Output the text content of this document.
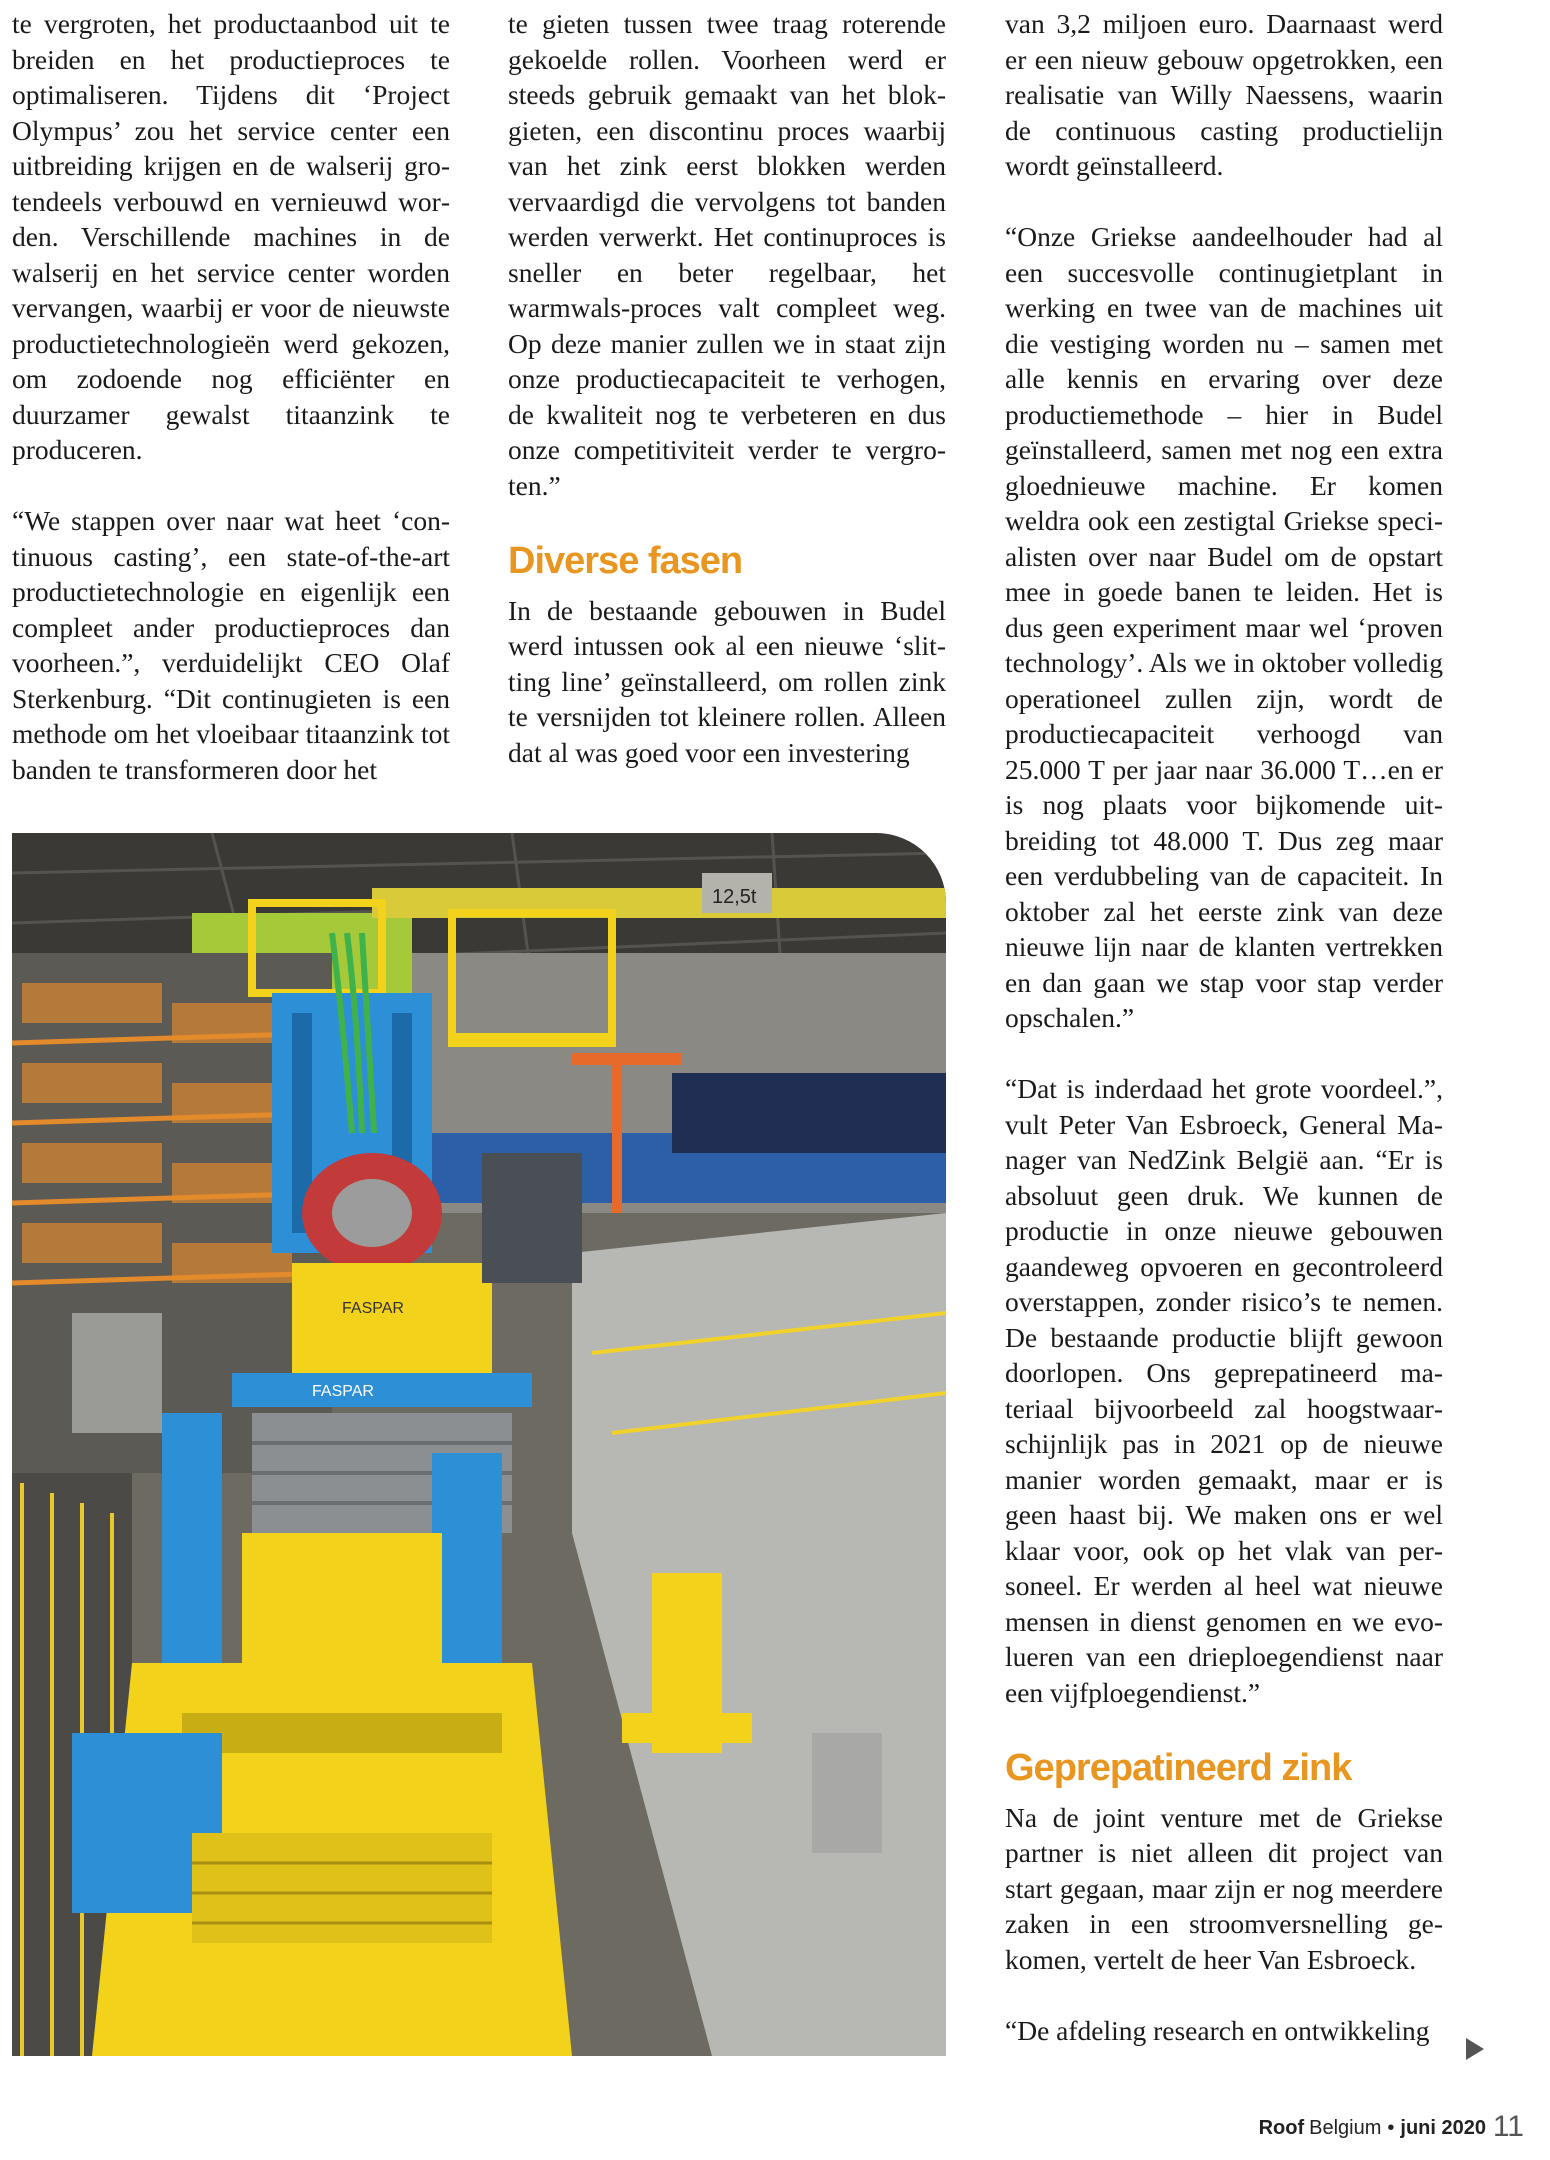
te vergroten, het productaanbod uit te breiden en het productieproces te optimaliseren. Tijdens dit ‘Project Olympus’ zou het service center een uitbreiding krijgen en de walserij grotendeels verbouwd en vernieuwd worden. Verschillende machines in de walserij en het service center worden vervangen, waarbij er voor de nieuwste productietechnologieën werd gekozen, om zodoende nog efficiënter en duurzamer gewalst titaanzink te produceren.

“We stappen over naar wat heet ‘continuous casting’, een state-of-the-art productietechnologie en eigenlijk een compleet ander productieproces dan voorheen.”, verduidelijkt CEO Olaf Sterkenburg. “Dit continugieten is een methode om het vloeibaar titaanzink tot banden te transformeren door het

te gieten tussen twee traag roterende gekoelde rollen. Voorheen werd er steeds gebruik gemaakt van het blokgieten, een discontinu proces waarbij van het zink eerst blokken werden vervaardigd die vervolgens tot banden werden verwerkt. Het continuproces is sneller en beter regelbaar, het warmwals-proces valt compleet weg. Op deze manier zullen we in staat zijn onze productiecapaciteit te verhogen, de kwaliteit nog te verbeteren en dus onze competitiviteit verder te vergroten.”

Diverse fasen

In de bestaande gebouwen in Budel werd intussen ook al een nieuwe ‘slitting line’ geïnstalleerd, om rollen zink te versnijden tot kleinere rollen. Alleen dat al was goed voor een investering

van 3,2 miljoen euro. Daarnaast werd er een nieuw gebouw opgetrokken, een realisatie van Willy Naessens, waarin de continuous casting productielijn wordt geïnstalleerd.

“Onze Griekse aandeelhouder had al een succesvolle continugietplant in werking en twee van de machines uit die vestiging worden nu – samen met alle kennis en ervaring over deze productiemethode – hier in Budel geïnstalleerd, samen met nog een extra gloednieuwe machine. Er komen weldra ook een zestigtal Griekse specialisten over naar Budel om de opstart mee in goede banen te leiden. Het is dus geen experiment maar wel ‘proven technology’. Als we in oktober volledig operationeel zullen zijn, wordt de productiecapaciteit verhoogd van 25.000 T per jaar naar 36.000 T…en er is nog plaats voor bijkomende uitbreiding tot 48.000 T. Dus zeg maar een verdubbeling van de capaciteit. In oktober zal het eerste zink van deze nieuwe lijn naar de klanten vertrekken en dan gaan we stap voor stap verder opschalen.”

“Dat is inderdaad het grote voordeel.”, vult Peter Van Esbroeck, General Manager van NedZink België aan. “Er is absoluut geen druk. We kunnen de productie in onze nieuwe gebouwen gaandeweg opvoeren en gecontroleerd overstappen, zonder risico’s te nemen. De bestaande productie blijft gewoon doorlopen. Ons geprepatineerd materiaal bijvoorbeeld zal hoogstwaarschijnlijk pas in 2021 op de nieuwe manier worden gemaakt, maar er is geen haast bij. We maken ons er wel klaar voor, ook op het vlak van personeel. Er werden al heel wat nieuwe mensen in dienst genomen en we evolueren van een drieploegendienst naar een vijfploegendienst.”

Geprepatineerd zink

Na de joint venture met de Griekse partner is niet alleen dit project van start gegaan, maar zijn er nog meerdere zaken in een stroomversnelling gekomen, vertelt de heer Van Esbroeck.

“De afdeling research en ontwikkeling

12,5t
FASPAR
FASPAR
Roof Belgium • juni 2020 11
